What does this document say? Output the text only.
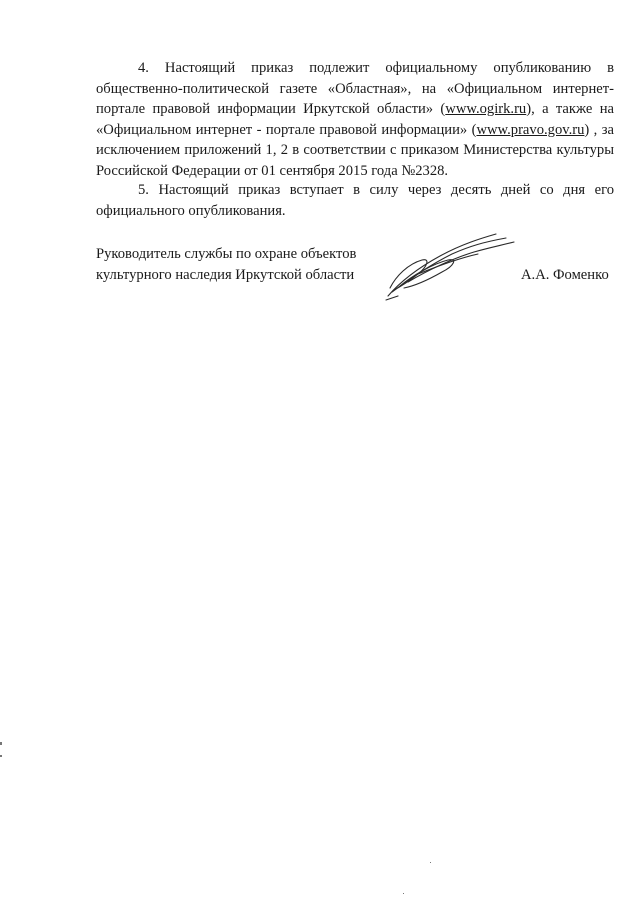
4. Настоящий приказ подлежит официальному опубликованию в общественно-политической газете «Областная», на «Официальном интернет-портале правовой информации Иркутской области» (www.ogirk.ru), а также на «Официальном интернет - портале правовой информации» (www.pravo.gov.ru) , за исключением приложений 1, 2 в соответствии с приказом Министерства культуры Российской Федерации от 01 сентября 2015 года №2328.

5. Настоящий приказ вступает в силу через десять дней со дня его официального опубликования.

Руководитель службы по охране объектов
культурного наследия Иркутской области	А.А. Фоменко
